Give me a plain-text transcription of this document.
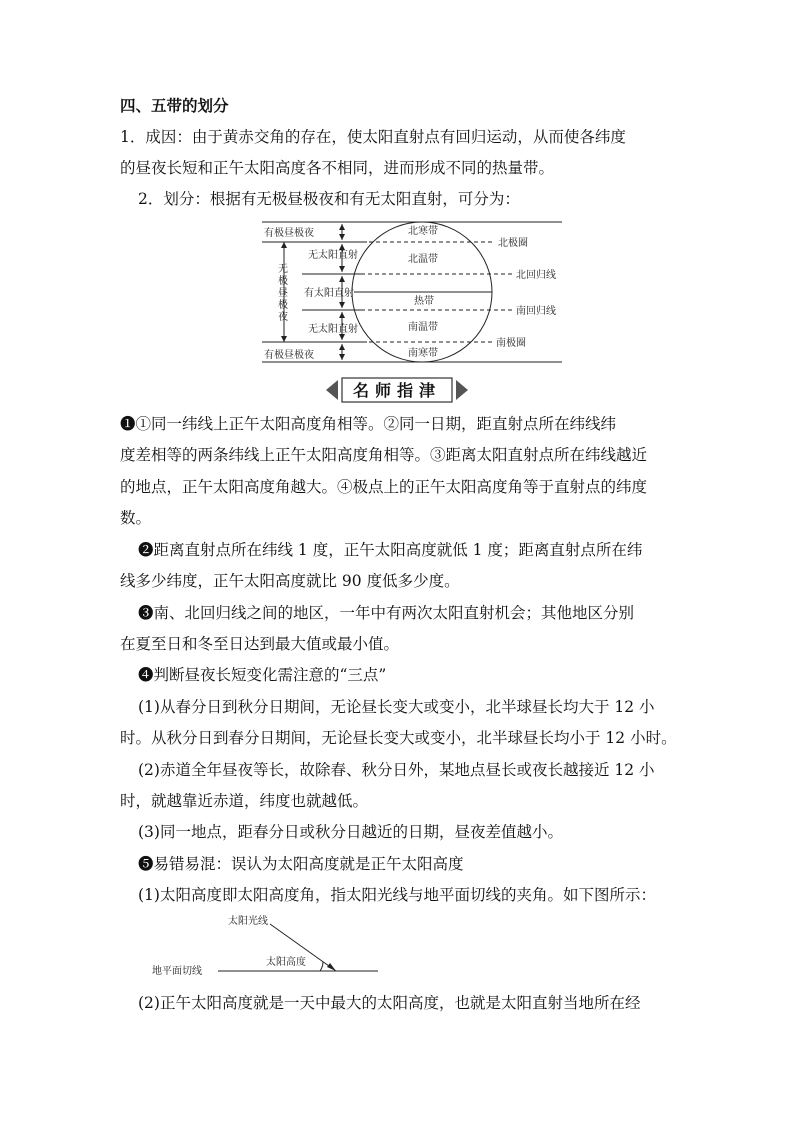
四、五带的划分
1．成因：由于黄赤交角的存在，使太阳直射点有回归运动，从而使各纬度
的昼夜长短和正午太阳高度各不相同，进而形成不同的热量带。
2．划分：根据有无极昼极夜和有无太阳直射，可分为：
有极昼极夜
无太阳直射
无
极
昼
极
夜
有太阳直射
无太阳直射
有极昼极夜
北寒带
北温带
热带
南温带
南寒带
北极圈
北回归线
南回归线
南极圈
名师指津
❶①同一纬线上正午太阳高度角相等。②同一日期，距直射点所在纬线纬
度差相等的两条纬线上正午太阳高度角相等。③距离太阳直射点所在纬线越近
的地点，正午太阳高度角越大。④极点上的正午太阳高度角等于直射点的纬度
数。
❷距离直射点所在纬线 1 度，正午太阳高度就低 1 度；距离直射点所在纬
线多少纬度，正午太阳高度就比 90 度低多少度。
❸南、北回归线之间的地区，一年中有两次太阳直射机会；其他地区分别
在夏至日和冬至日达到最大值或最小值。
❹判断昼夜长短变化需注意的“三点”
(1)从春分日到秋分日期间，无论昼长变大或变小，北半球昼长均大于 12 小
时。从秋分日到春分日期间，无论昼长变大或变小，北半球昼长均小于 12 小时。
(2)赤道全年昼夜等长，故除春、秋分日外，某地点昼长或夜长越接近 12 小
时，就越靠近赤道，纬度也就越低。
(3)同一地点，距春分日或秋分日越近的日期，昼夜差值越小。
❺易错易混：误认为太阳高度就是正午太阳高度
(1)太阳高度即太阳高度角，指太阳光线与地平面切线的夹角。如下图所示：
太阳光线
太阳高度
地平面切线
(2)正午太阳高度就是一天中最大的太阳高度，也就是太阳直射当地所在经
